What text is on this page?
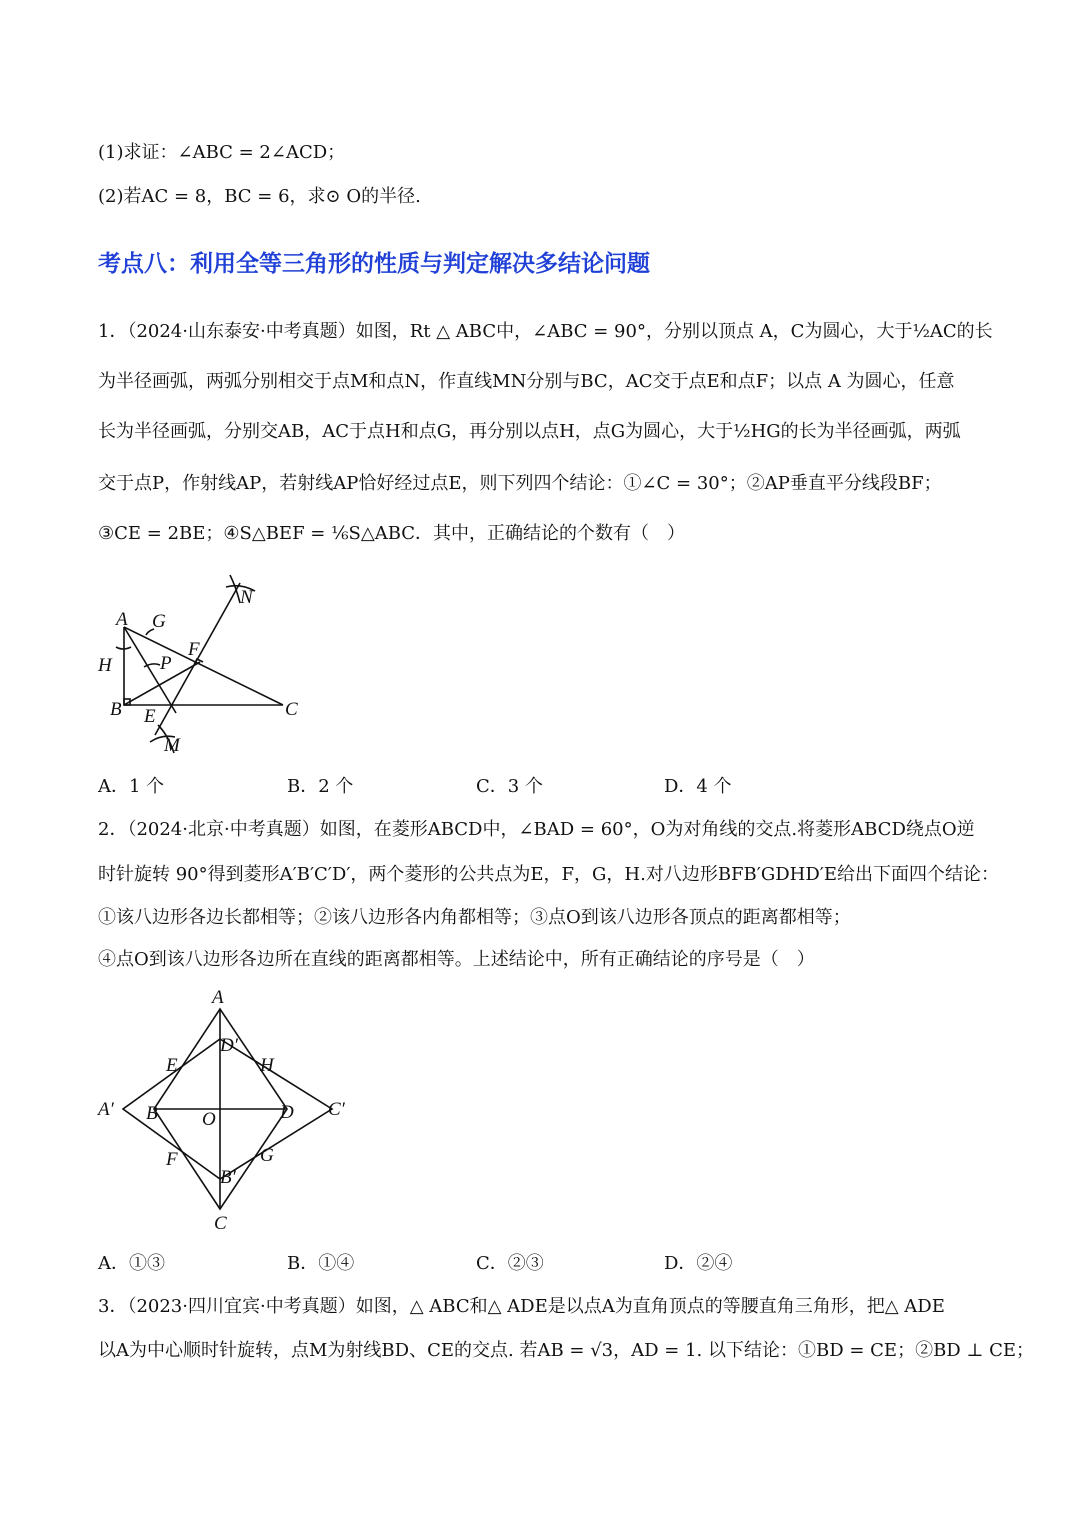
(1)求证：∠ABC = 2∠ACD；
(2)若AC = 8，BC = 6，求⊙ O的半径.
考点八：利用全等三角形的性质与判定解决多结论问题
1．（2024·山东泰安·中考真题）如图，Rt △ ABC中，∠ABC = 90°，分别以顶点 A，C为圆心，大于½AC的长
为半径画弧，两弧分别相交于点M和点N，作直线MN分别与BC，AC交于点E和点F；以点 A 为圆心，任意
长为半径画弧，分别交AB，AC于点H和点G，再分别以点H，点G为圆心，大于½HG的长为半径画弧，两弧
交于点P，作射线AP，若射线AP恰好经过点E，则下列四个结论：①∠C = 30°；②AP垂直平分线段BF；
③CE = 2BE；④S△BEF = ⅙S△ABC．其中，正确结论的个数有（　）
A G
N
H	P
F
B E	C
M
A．1 个	B．2 个	C．3 个	D．4 个
2．（2024·北京·中考真题）如图，在菱形ABCD中，∠BAD = 60°，O为对角线的交点.将菱形ABCD绕点O逆
时针旋转 90°得到菱形A′B′C′D′，两个菱形的公共点为E，F，G，H.对八边形BFB′GDHD′E给出下面四个结论：
①该八边形各边长都相等；②该八边形各内角都相等；③点O到该八边形各顶点的距离都相等；
④点O到该八边形各边所在直线的距离都相等。上述结论中，所有正确结论的序号是（　）
A
D′
E	H
A′ B O	D C′
F	G
B′
C
A．①③	B．①④	C．②③	D．②④
3．（2023·四川宜宾·中考真题）如图，△ ABC和△ ADE是以点A为直角顶点的等腰直角三角形，把△ ADE
以A为中心顺时针旋转，点M为射线BD、CE的交点. 若AB = √3，AD = 1. 以下结论：①BD = CE；②BD ⊥ CE；
